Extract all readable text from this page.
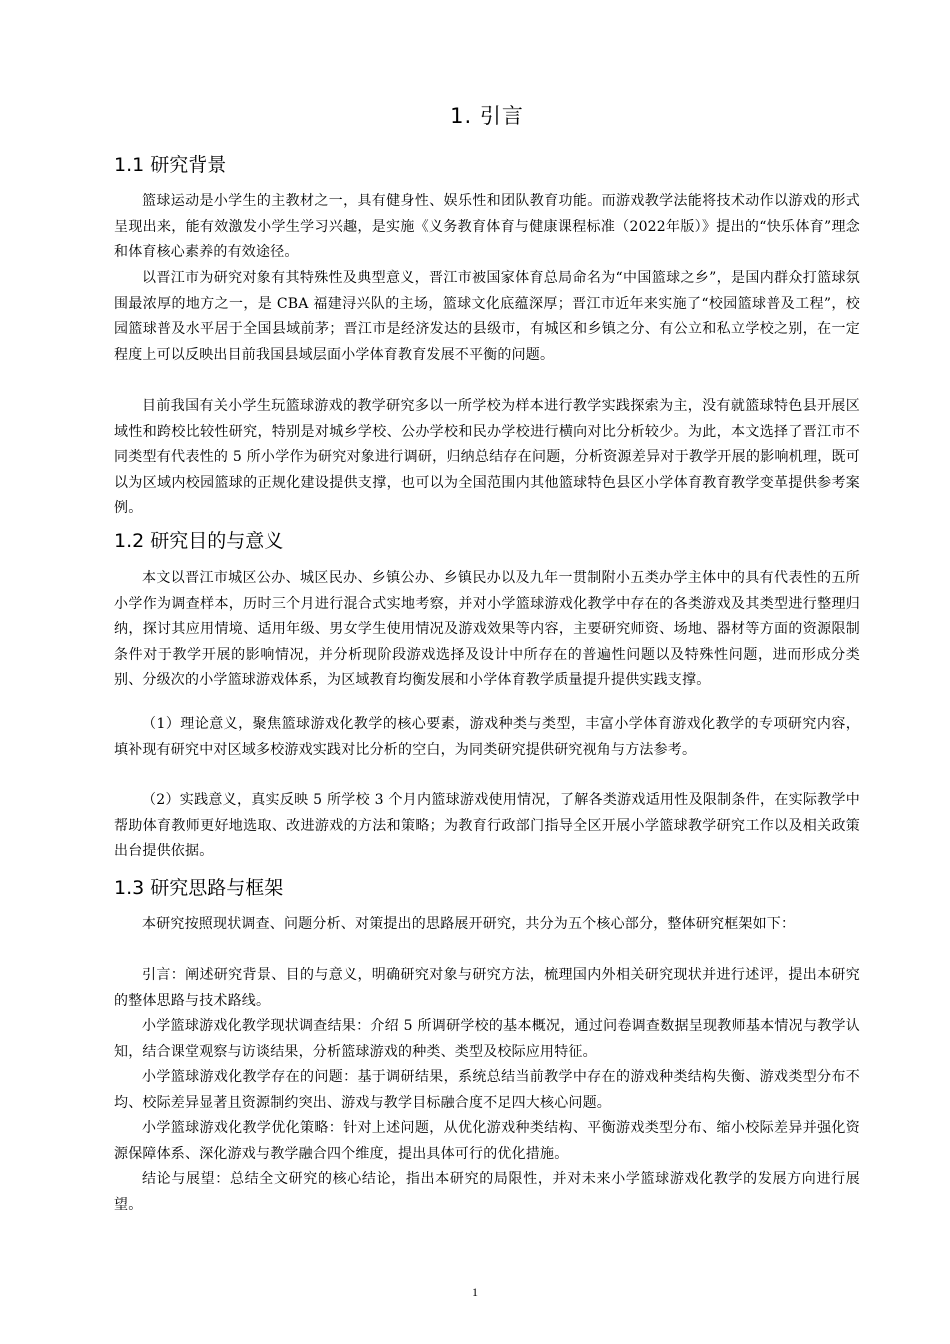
1. 引言
1.1 研究背景

篮球运动是小学生的主教材之一，具有健身性、娱乐性和团队教育功能。而游戏教学法能将技术动作以游戏的形式呈现出来，能有效激发小学生学习兴趣，是实施《义务教育体育与健康课程标准（2022年版）》提出的“快乐体育”理念和体育核心素养的有效途径。

以晋江市为研究对象有其特殊性及典型意义，晋江市被国家体育总局命名为“中国篮球之乡”，是国内群众打篮球氛围最浓厚的地方之一，是 CBA 福建浔兴队的主场，篮球文化底蕴深厚；晋江市近年来实施了“校园篮球普及工程”，校园篮球普及水平居于全国县域前茅；晋江市是经济发达的县级市，有城区和乡镇之分、有公立和私立学校之别，在一定程度上可以反映出目前我国县域层面小学体育教育发展不平衡的问题。

目前我国有关小学生玩篮球游戏的教学研究多以一所学校为样本进行教学实践探索为主，没有就篮球特色县开展区域性和跨校比较性研究，特别是对城乡学校、公办学校和民办学校进行横向对比分析较少。为此，本文选择了晋江市不同类型有代表性的 5 所小学作为研究对象进行调研，归纳总结存在问题，分析资源差异对于教学开展的影响机理，既可以为区域内校园篮球的正规化建设提供支撑，也可以为全国范围内其他篮球特色县区小学体育教育教学变革提供参考案例。

1.2 研究目的与意义

本文以晋江市城区公办、城区民办、乡镇公办、乡镇民办以及九年一贯制附小五类办学主体中的具有代表性的五所小学作为调查样本，历时三个月进行混合式实地考察，并对小学篮球游戏化教学中存在的各类游戏及其类型进行整理归纳，探讨其应用情境、适用年级、男女学生使用情况及游戏效果等内容，主要研究师资、场地、器材等方面的资源限制条件对于教学开展的影响情况，并分析现阶段游戏选择及设计中所存在的普遍性问题以及特殊性问题，进而形成分类别、分级次的小学篮球游戏体系，为区域教育均衡发展和小学体育教学质量提升提供实践支撑。

（1）理论意义，聚焦篮球游戏化教学的核心要素，游戏种类与类型，丰富小学体育游戏化教学的专项研究内容，填补现有研究中对区域多校游戏实践对比分析的空白，为同类研究提供研究视角与方法参考。

（2）实践意义，真实反映 5 所学校 3 个月内篮球游戏使用情况，了解各类游戏适用性及限制条件，在实际教学中帮助体育教师更好地选取、改进游戏的方法和策略；为教育行政部门指导全区开展小学篮球教学研究工作以及相关政策出台提供依据。

1.3 研究思路与框架

本研究按照现状调查、问题分析、对策提出的思路展开研究，共分为五个核心部分，整体研究框架如下：

引言：阐述研究背景、目的与意义，明确研究对象与研究方法，梳理国内外相关研究现状并进行述评，提出本研究的整体思路与技术路线。

小学篮球游戏化教学现状调查结果：介绍 5 所调研学校的基本概况，通过问卷调查数据呈现教师基本情况与教学认知，结合课堂观察与访谈结果，分析篮球游戏的种类、类型及校际应用特征。

小学篮球游戏化教学存在的问题：基于调研结果，系统总结当前教学中存在的游戏种类结构失衡、游戏类型分布不均、校际差异显著且资源制约突出、游戏与教学目标融合度不足四大核心问题。

小学篮球游戏化教学优化策略：针对上述问题，从优化游戏种类结构、平衡游戏类型分布、缩小校际差异并强化资源保障体系、深化游戏与教学融合四个维度，提出具体可行的优化措施。

结论与展望：总结全文研究的核心结论，指出本研究的局限性，并对未来小学篮球游戏化教学的发展方向进行展望。

1
